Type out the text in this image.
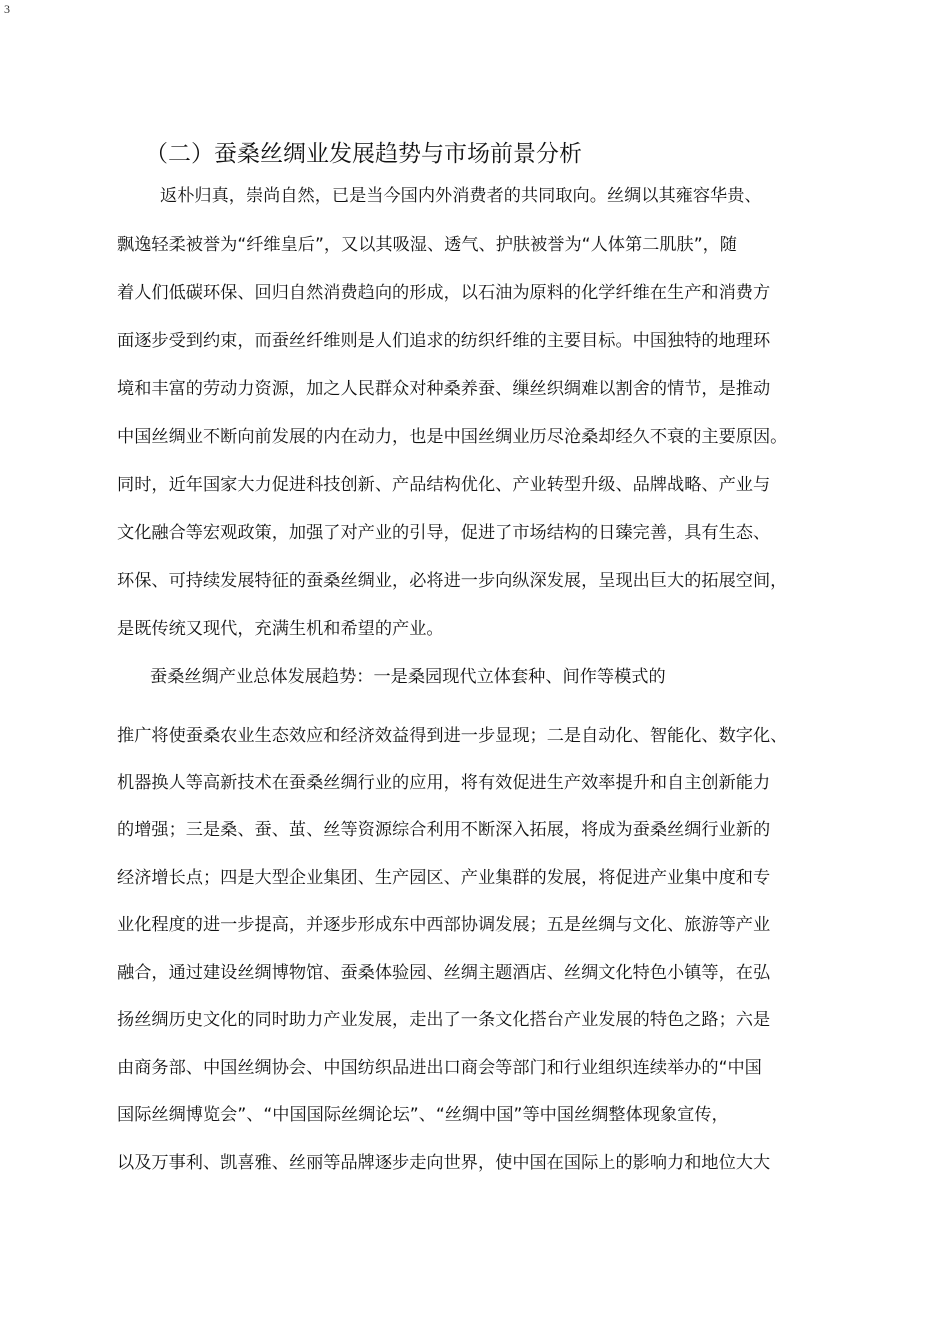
3
（二）蚕桑丝绸业发展趋势与市场前景分析
返朴归真，崇尚自然，已是当今国内外消费者的共同取向。丝绸以其雍容华贵、
飘逸轻柔被誉为“纤维皇后”，又以其吸湿、透气、护肤被誉为“人体第二肌肤”，随
着人们低碳环保、回归自然消费趋向的形成，以石油为原料的化学纤维在生产和消费方
面逐步受到约束，而蚕丝纤维则是人们追求的纺织纤维的主要目标。中国独特的地理环
境和丰富的劳动力资源，加之人民群众对种桑养蚕、缫丝织绸难以割舍的情节，是推动
中国丝绸业不断向前发展的内在动力，也是中国丝绸业历尽沧桑却经久不衰的主要原因。
同时，近年国家大力促进科技创新、产品结构优化、产业转型升级、品牌战略、产业与
文化融合等宏观政策，加强了对产业的引导，促进了市场结构的日臻完善，具有生态、
环保、可持续发展特征的蚕桑丝绸业，必将进一步向纵深发展，呈现出巨大的拓展空间，
是既传统又现代，充满生机和希望的产业。
蚕桑丝绸产业总体发展趋势：一是桑园现代立体套种、间作等模式的
推广将使蚕桑农业生态效应和经济效益得到进一步显现；二是自动化、智能化、数字化、
机器换人等高新技术在蚕桑丝绸行业的应用，将有效促进生产效率提升和自主创新能力
的增强；三是桑、蚕、茧、丝等资源综合利用不断深入拓展，将成为蚕桑丝绸行业新的
经济增长点；四是大型企业集团、生产园区、产业集群的发展，将促进产业集中度和专
业化程度的进一步提高，并逐步形成东中西部协调发展；五是丝绸与文化、旅游等产业
融合，通过建设丝绸博物馆、蚕桑体验园、丝绸主题酒店、丝绸文化特色小镇等，在弘
扬丝绸历史文化的同时助力产业发展，走出了一条文化搭台产业发展的特色之路；六是
由商务部、中国丝绸协会、中国纺织品进出口商会等部门和行业组织连续举办的“中国
国际丝绸博览会”、“中国国际丝绸论坛”、“丝绸中国”等中国丝绸整体现象宣传，
以及万事利、凯喜雅、丝丽等品牌逐步走向世界，使中国在国际上的影响力和地位大大
